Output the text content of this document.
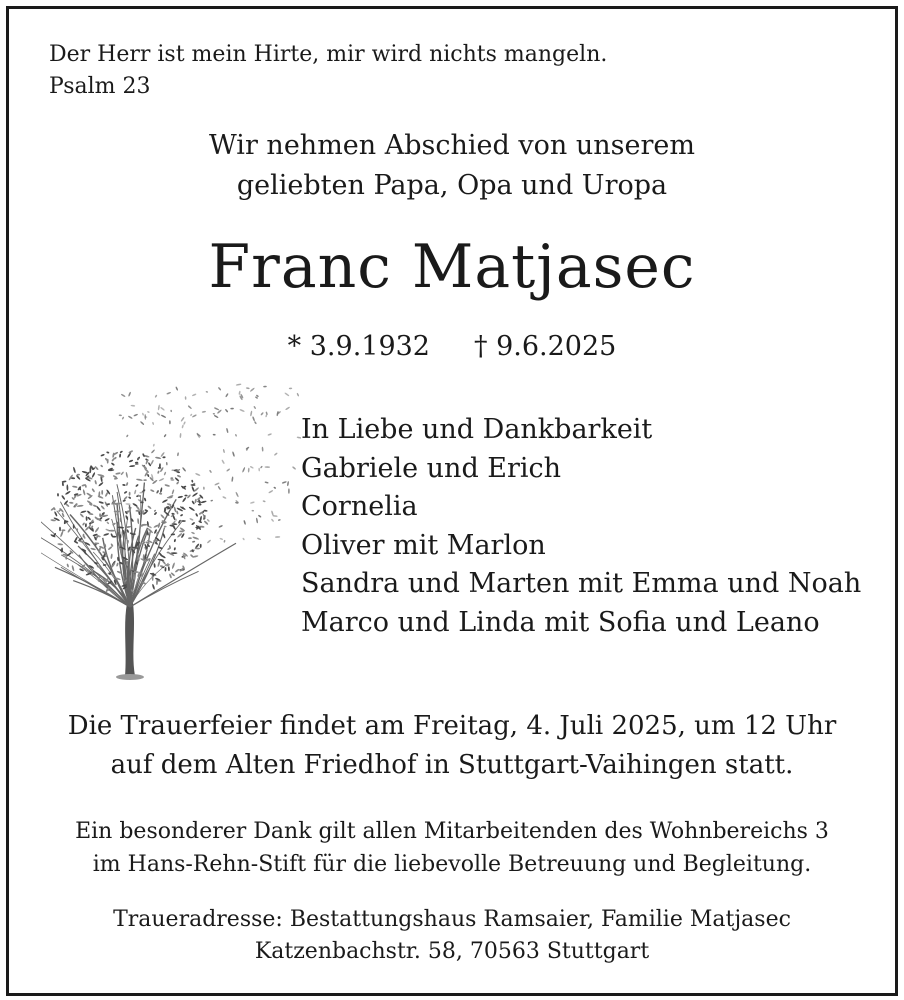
Der Herr ist mein Hirte, mir wird nichts mangeln.
Psalm 23
Wir nehmen Abschied von unserem
geliebten Papa, Opa und Uropa
Franc Matjasec
* 3.9.1932 † 9.6.2025
In Liebe und Dankbarkeit
Gabriele und Erich
Cornelia
Oliver mit Marlon
Sandra und Marten mit Emma und Noah
Marco und Linda mit Sofia und Leano
Die Trauerfeier findet am Freitag, 4. Juli 2025, um 12 Uhr
auf dem Alten Friedhof in Stuttgart-Vaihingen statt.
Ein besonderer Dank gilt allen Mitarbeitenden des Wohnbereichs 3
im Hans-Rehn-Stift für die liebevolle Betreuung und Begleitung.
Traueradresse: Bestattungshaus Ramsaier, Familie Matjasec
Katzenbachstr. 58, 70563 Stuttgart
